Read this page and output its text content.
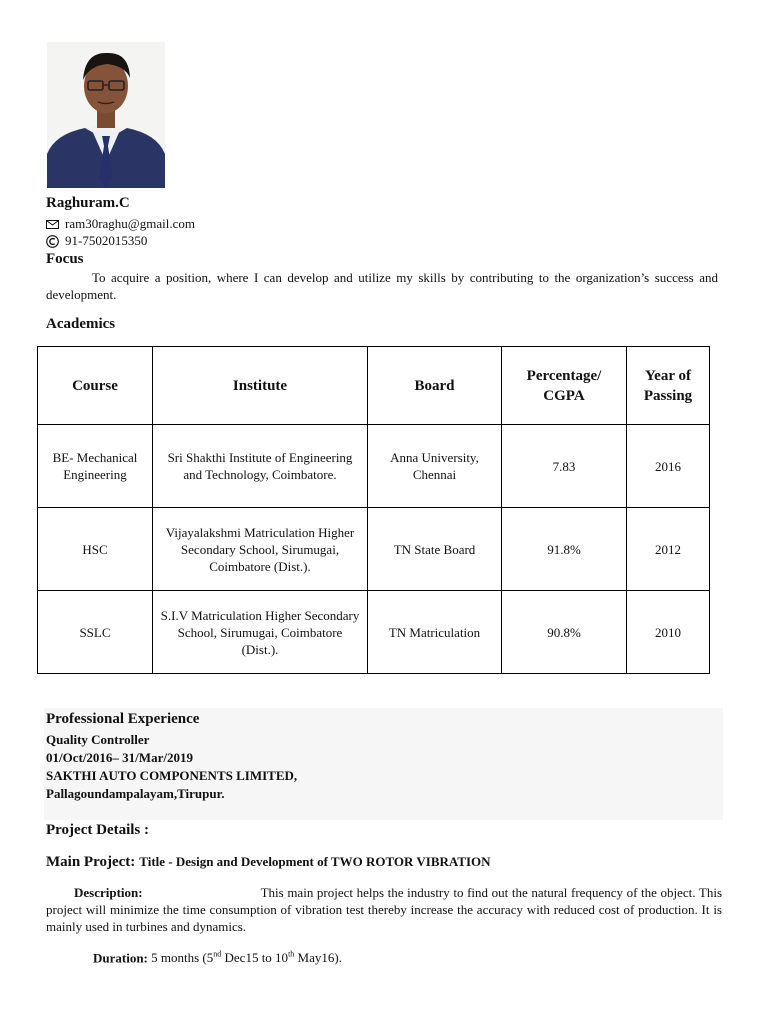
Raghuram.C
ram30raghu@gmail.com
91-7502015350
Focus
To acquire a position, where I can develop and utilize my skills by contributing to the organization’s success and development.
Academics
Course	Institute	Board	Percentage/ CGPA	Year of Passing
BE- Mechanical Engineering	Sri Shakthi Institute of Engineering and Technology, Coimbatore.	Anna University, Chennai	7.83	2016
HSC	Vijayalakshmi Matriculation Higher Secondary School, Sirumugai, Coimbatore (Dist.).	TN State Board	91.8%	2012
SSLC	S.I.V Matriculation Higher Secondary School, Sirumugai, Coimbatore (Dist.).	TN Matriculation	90.8%	2010
Professional Experience
Quality Controller
01/Oct/2016– 31/Mar/2019
SAKTHI AUTO COMPONENTS LIMITED,
Pallagoundampalayam,Tirupur.
Project Details :
Main Project: Title - Design and Development of TWO ROTOR VIBRATION
Description:	This main project helps the industry to find out the natural frequency of the object. This project will minimize the time consumption of vibration test thereby increase the accuracy with reduced cost of production. It is mainly used in turbines and dynamics.
Duration: 5 months (5nd Dec15 to 10th May16).
